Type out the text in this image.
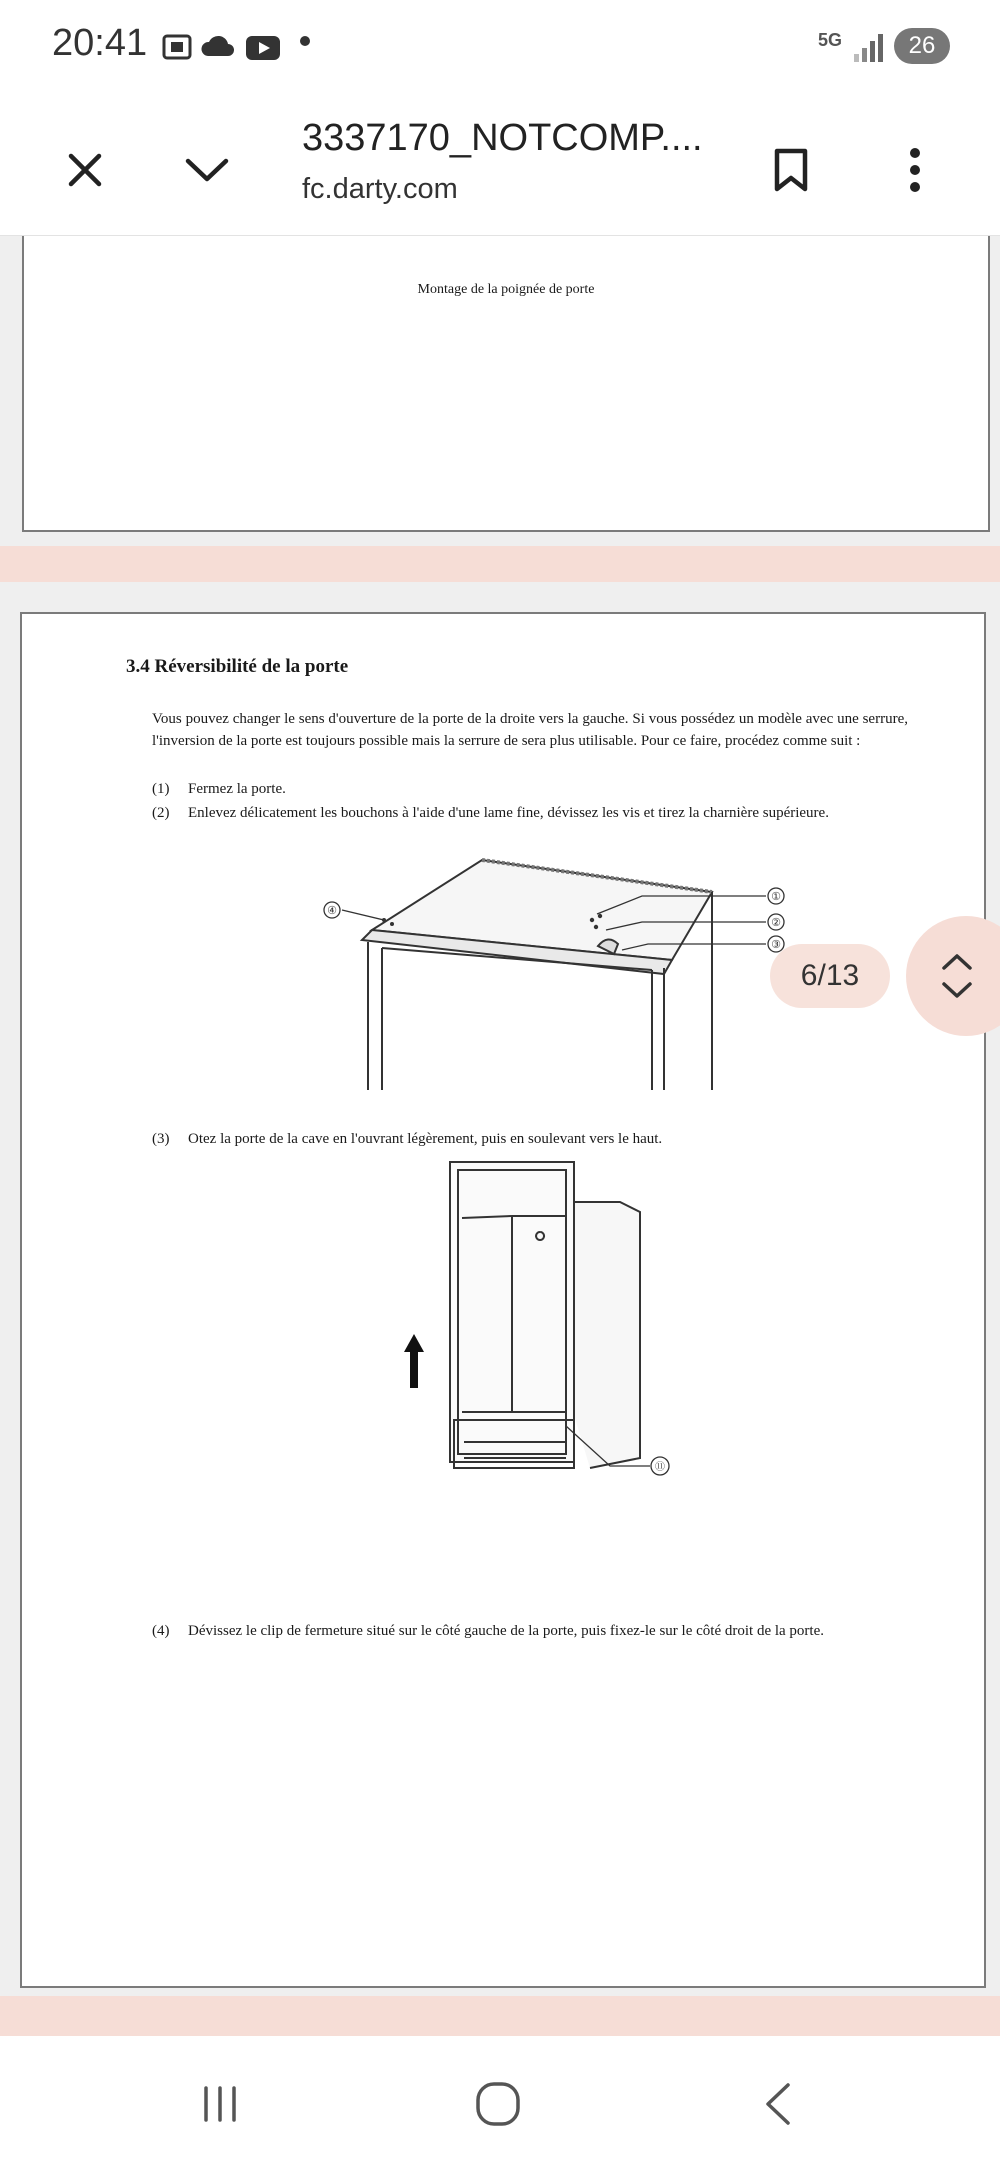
20:41	5G	26
3337170_NOTCOMP....
fc.darty.com
Montage de la poignée de porte
3.4 Réversibilité de la porte
Vous pouvez changer le sens d'ouverture de la porte de la droite vers la gauche. Si vous possédez un modèle avec une serrure, l'inversion de la porte est toujours possible mais la serrure de sera plus utilisable. Pour ce faire, procédez comme suit :
(1) Fermez la porte.
(2) Enlevez délicatement les bouchons à l'aide d'une lame fine, dévissez les vis et tirez la charnière supérieure.
④
①
②
③
(3) Otez la porte de la cave en l'ouvrant légèrement, puis en soulevant vers le haut.
⑪
(4) Dévissez le clip de fermeture situé sur le côté gauche de la porte, puis fixez-le sur le côté droit de la porte.
6/13
